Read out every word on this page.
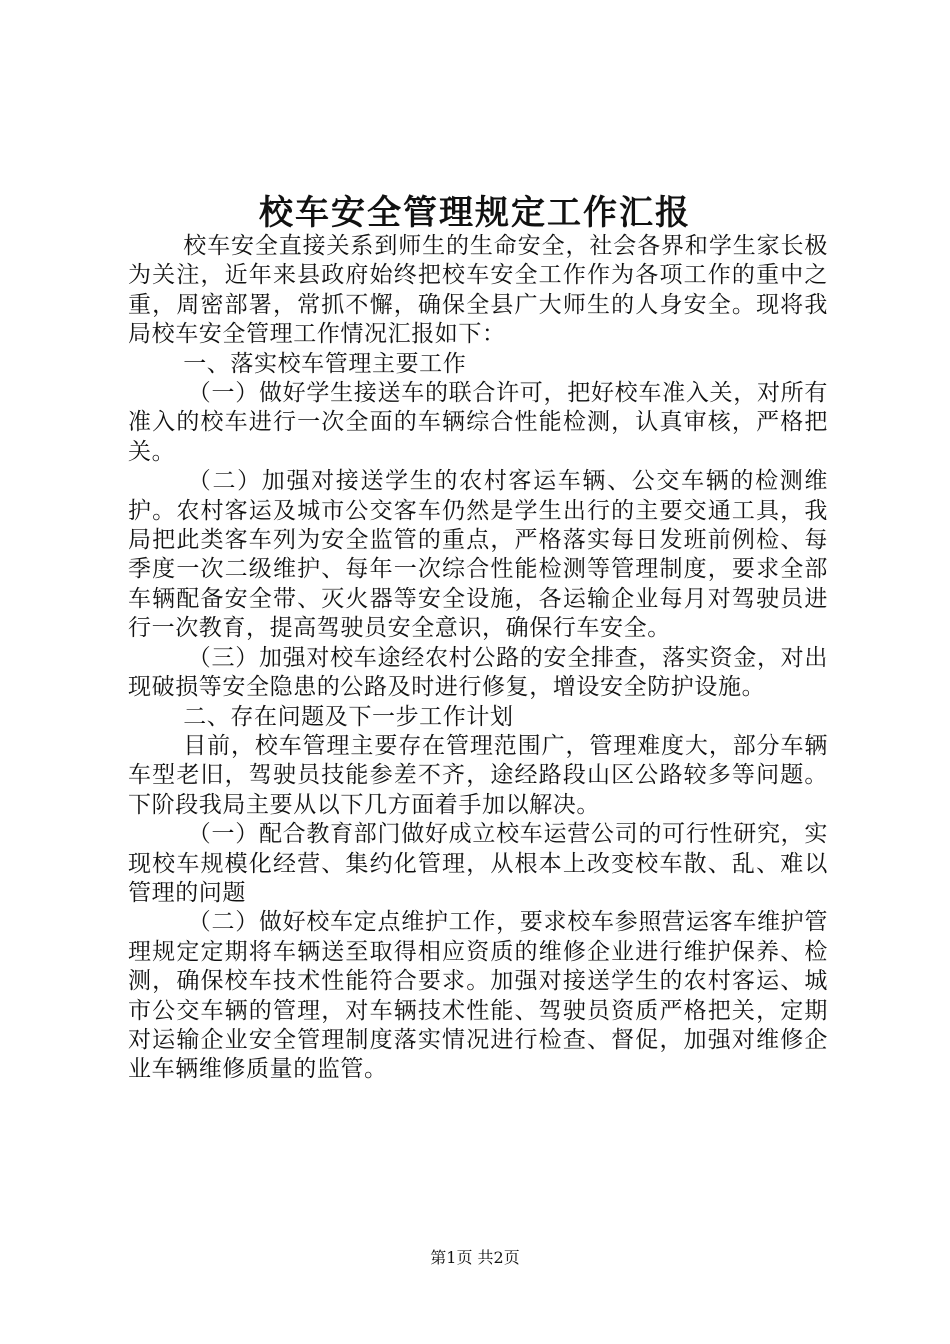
校车安全管理规定工作汇报

校车安全直接关系到师生的生命安全，社会各界和学生家长极为关注，近年来县政府始终把校车安全工作作为各项工作的重中之重，周密部署，常抓不懈，确保全县广大师生的人身安全。现将我局校车安全管理工作情况汇报如下：

一、落实校车管理主要工作

（一）做好学生接送车的联合许可，把好校车准入关，对所有准入的校车进行一次全面的车辆综合性能检测，认真审核，严格把关。

（二）加强对接送学生的农村客运车辆、公交车辆的检测维护。农村客运及城市公交客车仍然是学生出行的主要交通工具，我局把此类客车列为安全监管的重点，严格落实每日发班前例检、每季度一次二级维护、每年一次综合性能检测等管理制度，要求全部车辆配备安全带、灭火器等安全设施，各运输企业每月对驾驶员进行一次教育，提高驾驶员安全意识，确保行车安全。

（三）加强对校车途经农村公路的安全排查，落实资金，对出现破损等安全隐患的公路及时进行修复，增设安全防护设施。

二、存在问题及下一步工作计划

目前，校车管理主要存在管理范围广，管理难度大，部分车辆车型老旧，驾驶员技能参差不齐，途经路段山区公路较多等问题。下阶段我局主要从以下几方面着手加以解决。

（一）配合教育部门做好成立校车运营公司的可行性研究，实现校车规模化经营、集约化管理，从根本上改变校车散、乱、难以管理的问题

（二）做好校车定点维护工作，要求校车参照营运客车维护管理规定定期将车辆送至取得相应资质的维修企业进行维护保养、检测，确保校车技术性能符合要求。加强对接送学生的农村客运、城市公交车辆的管理，对车辆技术性能、驾驶员资质严格把关，定期对运输企业安全管理制度落实情况进行检查、督促，加强对维修企业车辆维修质量的监管。

第1页 共2页
